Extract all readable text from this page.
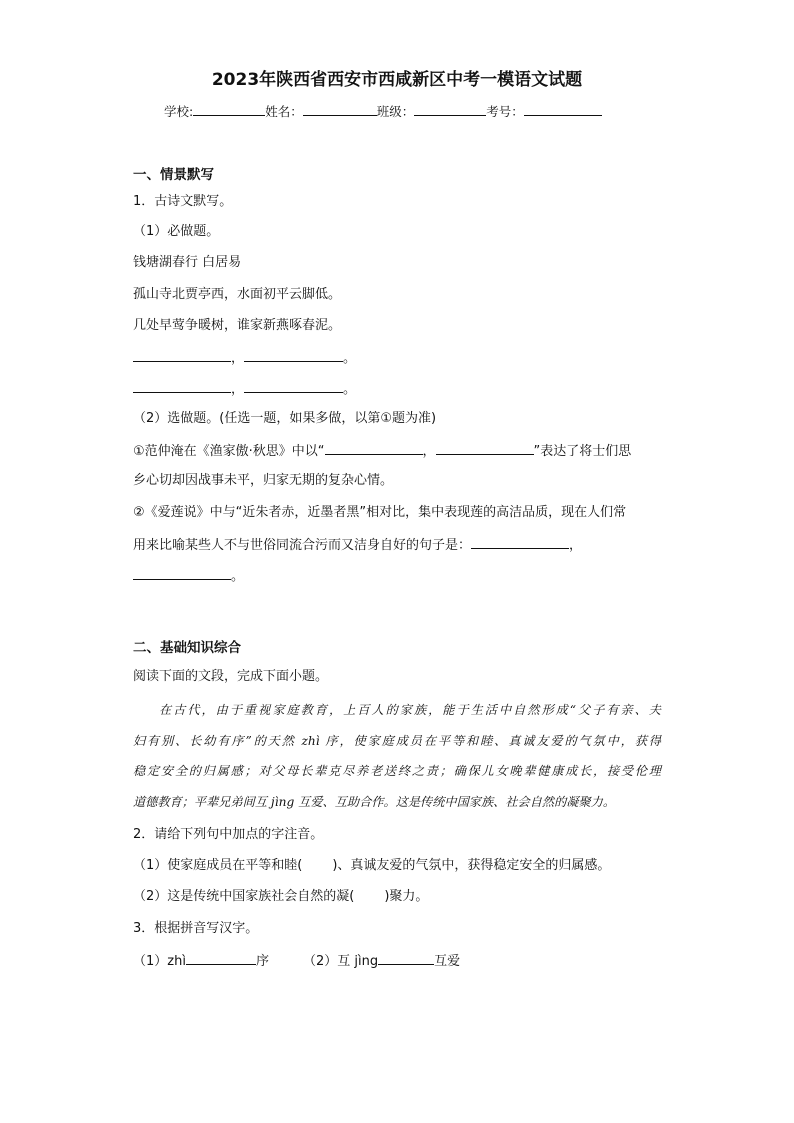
2023年陕西省西安市西咸新区中考一模语文试题
学校:	姓名：	班级：	考号：
一、情景默写
1．古诗文默写。
（1）必做题。
钱塘湖春行 白居易
孤山寺北贾亭西，水面初平云脚低。
几处早莺争暖树，谁家新燕啄春泥。
，	。
，	。
（2）选做题。(任选一题，如果多做，以第①题为准)
①范仲淹在《渔家傲·秋思》中以“	，	”表达了将士们思
乡心切却因战事未平，归家无期的复杂心情。
②《爱莲说》中与“近朱者赤，近墨者黑”相对比，集中表现莲的高洁品质，现在人们常
用来比喻某些人不与世俗同流合污而又洁身自好的句子是：	，
。
二、基础知识综合
阅读下面的文段，完成下面小题。
在古代，由于重视家庭教育，上百人的家族，能于生活中自然形成“父子有亲、夫
妇有别、长幼有序”的天然 zhì 序，使家庭成员在平等和睦、真诚友爱的气氛中，获得
稳定安全的归属感；对父母长辈克尽养老送终之责；确保儿女晚辈健康成长，接受伦理
道德教育；平辈兄弟间互 jìng 互爱、互助合作。这是传统中国家族、社会自然的凝聚力。
2．请给下列句中加点的字注音。
（1）使家庭成员在平等和睦( )、真诚友爱的气氛中，获得稳定安全的归属感。
（2）这是传统中国家族社会自然的凝( )聚力。
3．根据拼音写汉字。
（1）zhì	序	（2）互 jìng	互爱
